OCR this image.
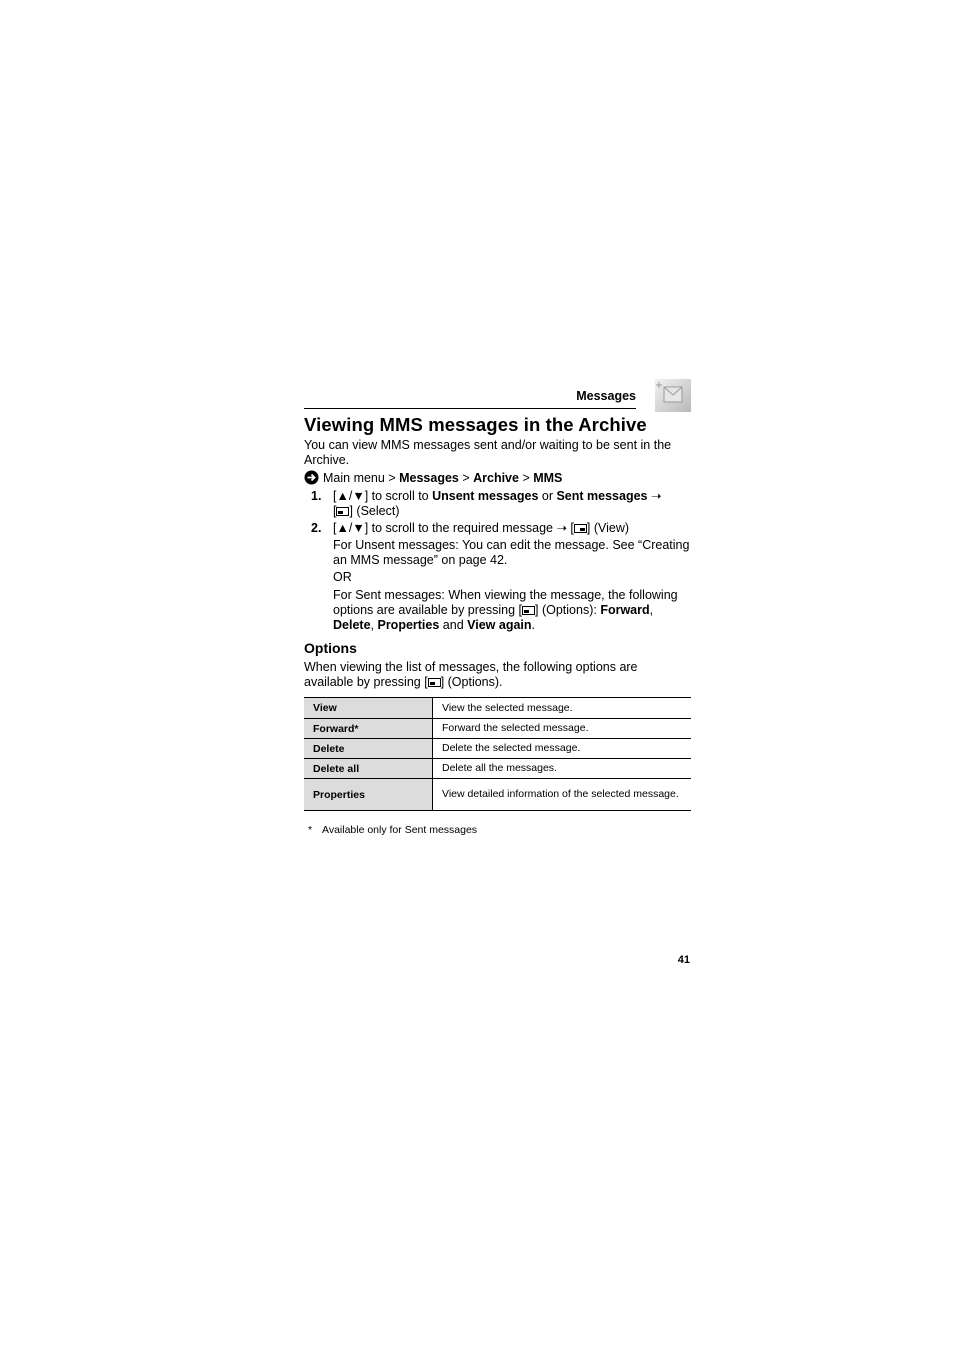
Messages
Viewing MMS messages in the Archive
You can view MMS messages sent and/or waiting to be sent in the Archive.
Main menu > Messages > Archive > MMS
1. [▲/▼] to scroll to Unsent messages or Sent messages ➝
[ ] (Select)
2. [▲/▼] to scroll to the required message ➝ [ ] (View)
For Unsent messages: You can edit the message. See “Creating an MMS message” on page 42.
OR
For Sent messages: When viewing the message, the following options are available by pressing [ ] (Options): Forward, Delete, Properties and View again.
Options
When viewing the list of messages, the following options are available by pressing [ ] (Options).
View	View the selected message.
Forward*	Forward the selected message.
Delete	Delete the selected message.
Delete all	Delete all the messages.
Properties	View detailed information of the selected message.
* Available only for Sent messages
41
